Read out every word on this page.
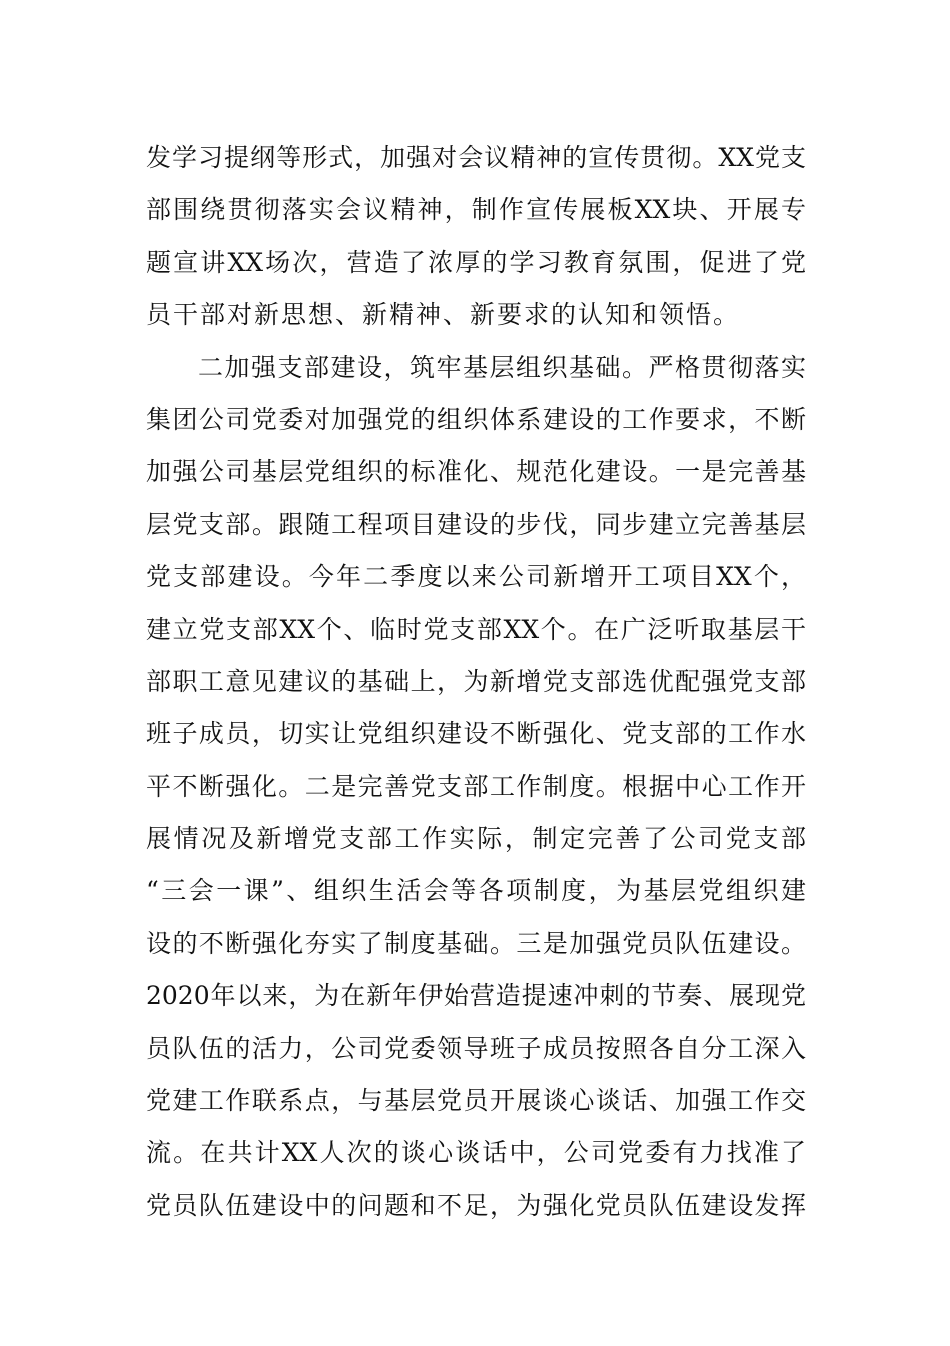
发学习提纲等形式，加强对会议精神的宣传贯彻。XX党支
部围绕贯彻落实会议精神，制作宣传展板XX块、开展专
题宣讲XX场次，营造了浓厚的学习教育氛围，促进了党
员干部对新思想、新精神、新要求的认知和领悟。
二加强支部建设，筑牢基层组织基础。严格贯彻落实
集团公司党委对加强党的组织体系建设的工作要求，不断
加强公司基层党组织的标准化、规范化建设。一是完善基
层党支部。跟随工程项目建设的步伐，同步建立完善基层
党支部建设。今年二季度以来公司新增开工项目XX个，
建立党支部XX个、临时党支部XX个。在广泛听取基层干
部职工意见建议的基础上，为新增党支部选优配强党支部
班子成员，切实让党组织建设不断强化、党支部的工作水
平不断强化。二是完善党支部工作制度。根据中心工作开
展情况及新增党支部工作实际，制定完善了公司党支部
“三会一课”、组织生活会等各项制度，为基层党组织建
设的不断强化夯实了制度基础。三是加强党员队伍建设。
2020年以来，为在新年伊始营造提速冲刺的节奏、展现党
员队伍的活力，公司党委领导班子成员按照各自分工深入
党建工作联系点，与基层党员开展谈心谈话、加强工作交
流。在共计XX人次的谈心谈话中，公司党委有力找准了
党员队伍建设中的问题和不足，为强化党员队伍建设发挥
